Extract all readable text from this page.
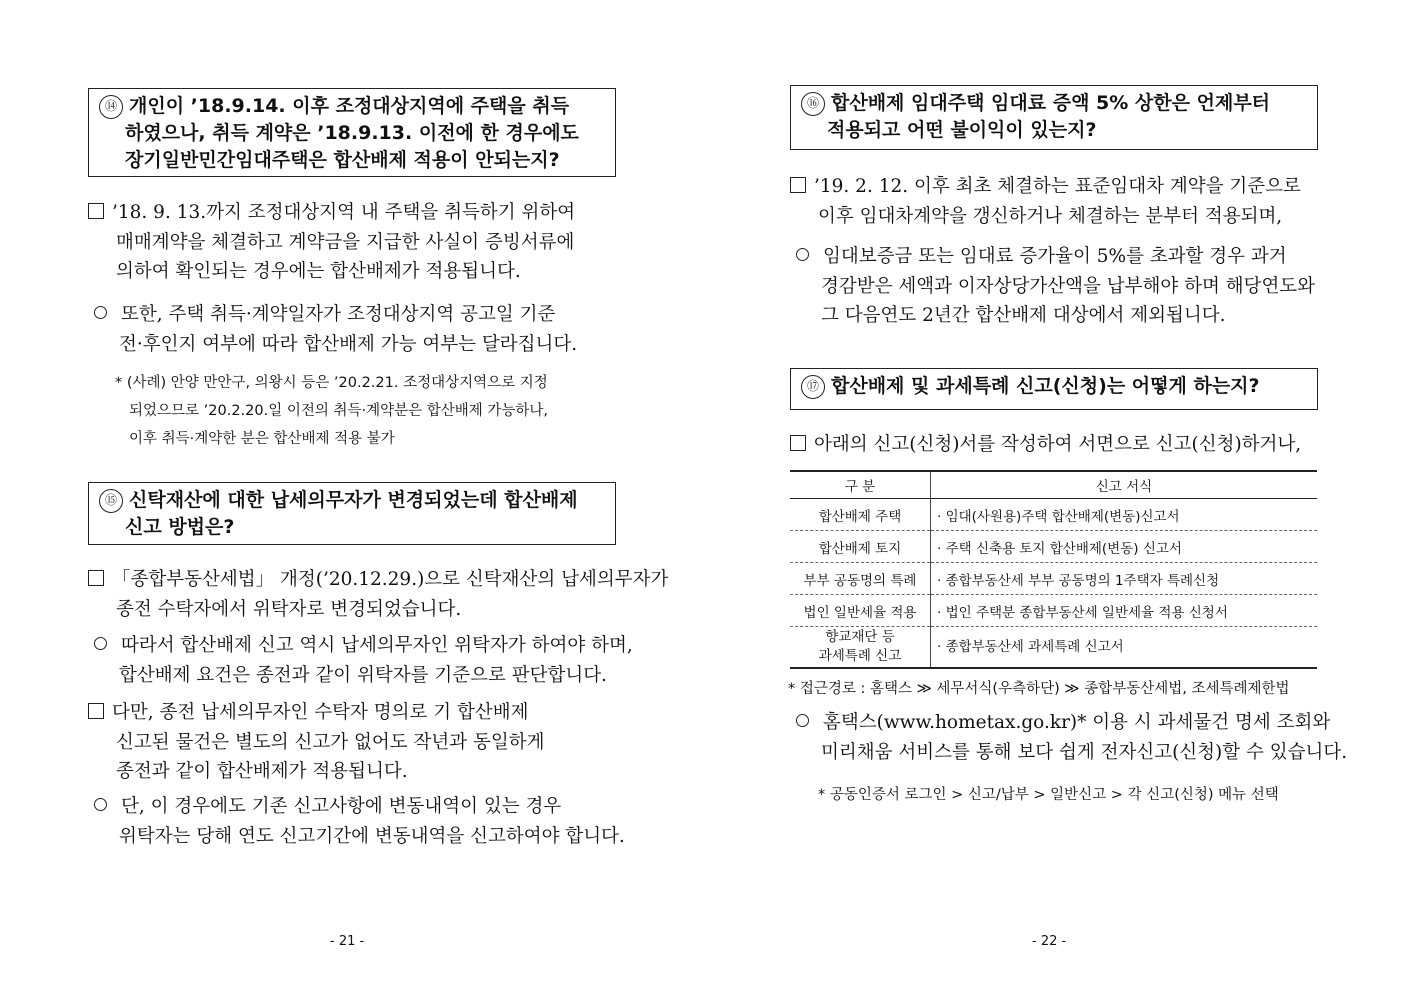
⑭ 개인이 ’18.9.14. 이후 조정대상지역에 주택을 취득
하였으나, 취득 계약은 ’18.9.13. 이전에 한 경우에도
장기일반민간임대주택은 합산배제 적용이 안되는지?
’18. 9. 13.까지 조정대상지역 내 주택을 취득하기 위하여
매매계약을 체결하고 계약금을 지급한 사실이 증빙서류에
의하여 확인되는 경우에는 합산배제가 적용됩니다.
또한, 주택 취득·계약일자가 조정대상지역 공고일 기준
전·후인지 여부에 따라 합산배제 가능 여부는 달라집니다.
* (사례) 안양 만안구, 의왕시 등은 ’20.2.21. 조정대상지역으로 지정
되었으므로 ’20.2.20.일 이전의 취득·계약분은 합산배제 가능하나,
이후 취득·계약한 분은 합산배제 적용 불가
⑮ 신탁재산에 대한 납세의무자가 변경되었는데 합산배제
신고 방법은?
「종합부동산세법」 개정(’20.12.29.)으로 신탁재산의 납세의무자가
종전 수탁자에서 위탁자로 변경되었습니다.
따라서 합산배제 신고 역시 납세의무자인 위탁자가 하여야 하며,
합산배제 요건은 종전과 같이 위탁자를 기준으로 판단합니다.
다만, 종전 납세의무자인 수탁자 명의로 기 합산배제
신고된 물건은 별도의 신고가 없어도 작년과 동일하게
종전과 같이 합산배제가 적용됩니다.
단, 이 경우에도 기존 신고사항에 변동내역이 있는 경우
위탁자는 당해 연도 신고기간에 변동내역을 신고하여야 합니다.
- 21 -
⑯ 합산배제 임대주택 임대료 증액 5% 상한은 언제부터
적용되고 어떤 불이익이 있는지?
’19. 2. 12. 이후 최초 체결하는 표준임대차 계약을 기준으로
이후 임대차계약을 갱신하거나 체결하는 분부터 적용되며,
임대보증금 또는 임대료 증가율이 5%를 초과할 경우 과거
경감받은 세액과 이자상당가산액을 납부해야 하며 해당연도와
그 다음연도 2년간 합산배제 대상에서 제외됩니다.
⑰ 합산배제 및 과세특례 신고(신청)는 어떻게 하는지?
아래의 신고(신청)서를 작성하여 서면으로 신고(신청)하거나,
구 분	신고 서식
합산배제 주택	· 임대(사원용)주택 합산배제(변동)신고서
합산배제 토지	· 주택 신축용 토지 합산배제(변동) 신고서
부부 공동명의 특례	· 종합부동산세 부부 공동명의 1주택자 특례신청
법인 일반세율 적용	· 법인 주택분 종합부동산세 일반세율 적용 신청서
향교재단 등
과세특례 신고	· 종합부동산세 과세특례 신고서
* 접근경로 : 홈택스 ≫ 세무서식(우측하단) ≫ 종합부동산세법, 조세특례제한법
홈택스(www.hometax.go.kr)* 이용 시 과세물건 명세 조회와
미리채움 서비스를 통해 보다 쉽게 전자신고(신청)할 수 있습니다.
* 공동인증서 로그인 > 신고/납부 > 일반신고 > 각 신고(신청) 메뉴 선택
- 22 -
